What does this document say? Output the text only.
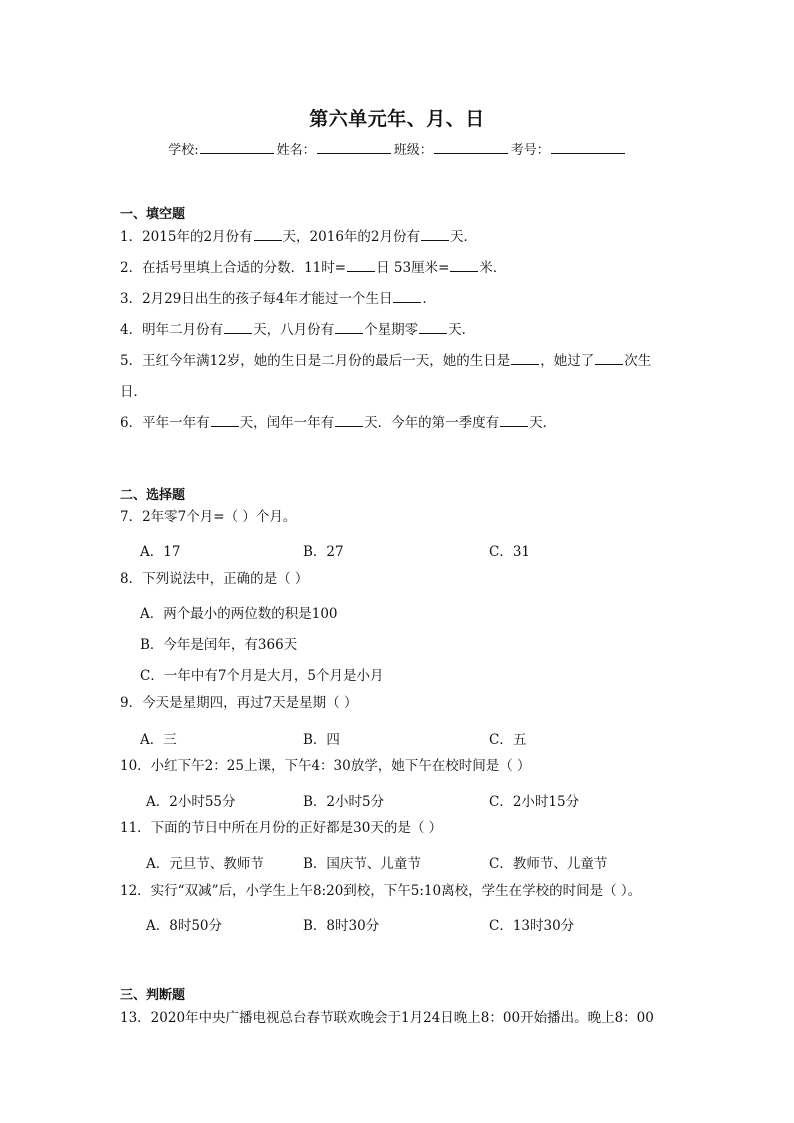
第六单元年、月、日
学校:	姓名：	班级：	考号：
一、填空题
1．2015年的2月份有 天，2016年的2月份有 天．
2．在括号里填上合适的分数．11时= 日 53厘米= 米．
3．2月29日出生的孩子每4年才能过一个生日 ．
4．明年二月份有 天，八月份有 个星期零 天．
5．王红今年满12岁，她的生日是二月份的最后一天，她的生日是 ，她过了 次生
日．
6．平年一年有 天，闰年一年有 天．今年的第一季度有 天．
二、选择题
7．2年零7个月=（ ）个月。
A．17	B．27	C．31
8．下列说法中，正确的是（ ）
A．两个最小的两位数的积是100
B．今年是闰年，有366天
C．一年中有7个月是大月，5个月是小月
9．今天是星期四，再过7天是星期（ ）
A．三	B．四	C．五
10．小红下午2：25上课，下午4：30放学，她下午在校时间是（ ）
A．2小时55分	B．2小时5分	C．2小时15分
11．下面的节日中所在月份的正好都是30天的是（ ）
A．元旦节、教师节	B．国庆节、儿童节	C．教师节、儿童节
12．实行“双减”后，小学生上午8:20到校，下午5:10离校，学生在学校的时间是（ ）。
A．8时50分	B．8时30分	C．13时30分
三、判断题
13．2020年中央广播电视总台春节联欢晚会于1月24日晚上8：00开始播出。晚上8：00
